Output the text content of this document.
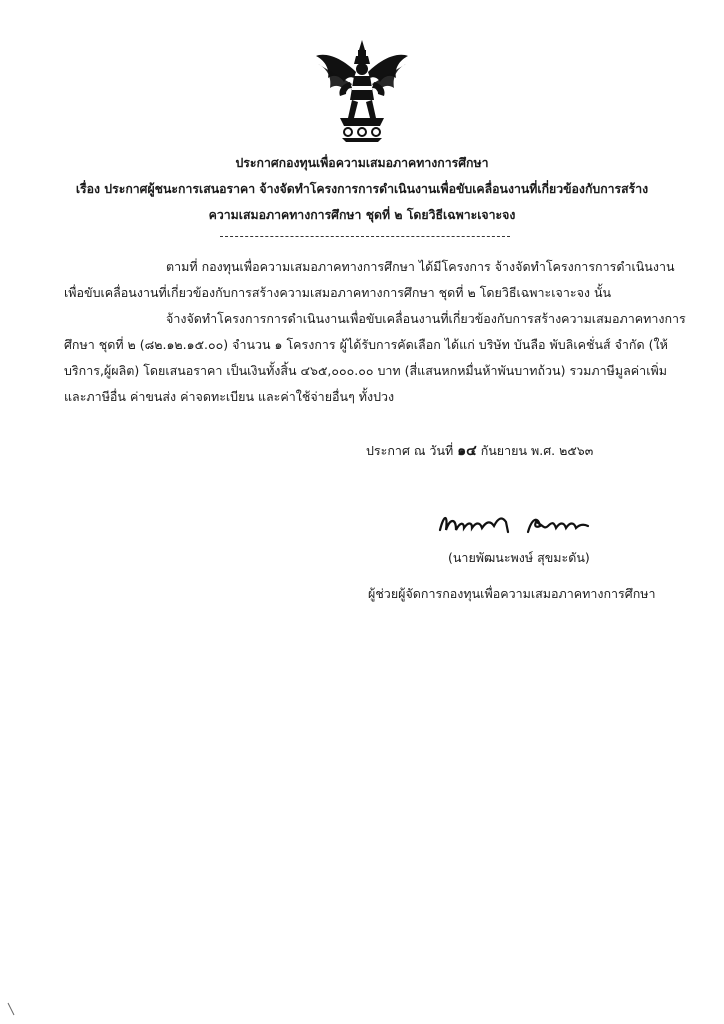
ประกาศกองทุนเพื่อความเสมอภาคทางการศึกษา
เรื่อง ประกาศผู้ชนะการเสนอราคา จ้างจัดทำโครงการการดำเนินงานเพื่อขับเคลื่อนงานที่เกี่ยวข้องกับการสร้าง
ความเสมอภาคทางการศึกษา ชุดที่ ๒ โดยวิธีเฉพาะเจาะจง
ตามที่ กองทุนเพื่อความเสมอภาคทางการศึกษา ได้มีโครงการ จ้างจัดทำโครงการการดำเนินงาน
เพื่อขับเคลื่อนงานที่เกี่ยวข้องกับการสร้างความเสมอภาคทางการศึกษา ชุดที่ ๒ โดยวิธีเฉพาะเจาะจง นั้น
จ้างจัดทำโครงการการดำเนินงานเพื่อขับเคลื่อนงานที่เกี่ยวข้องกับการสร้างความเสมอภาคทางการ
ศึกษา ชุดที่ ๒ (๘๒.๑๒.๑๕.๐๐) จำนวน ๑ โครงการ ผู้ได้รับการคัดเลือก ได้แก่ บริษัท บันลือ พับลิเคชั่นส์ จำกัด (ให้
บริการ,ผู้ผลิต) โดยเสนอราคา เป็นเงินทั้งสิ้น ๔๖๕,๐๐๐.๐๐ บาท (สี่แสนหกหมื่นห้าพันบาทถ้วน) รวมภาษีมูลค่าเพิ่ม
และภาษีอื่น ค่าขนส่ง ค่าจดทะเบียน และค่าใช้จ่ายอื่นๆ ทั้งปวง
ประกาศ ณ วันที่ ๑๔ กันยายน พ.ศ. ๒๕๖๓
(นายพัฒนะพงษ์ สุขมะดัน)
ผู้ช่วยผู้จัดการกองทุนเพื่อความเสมอภาคทางการศึกษา
